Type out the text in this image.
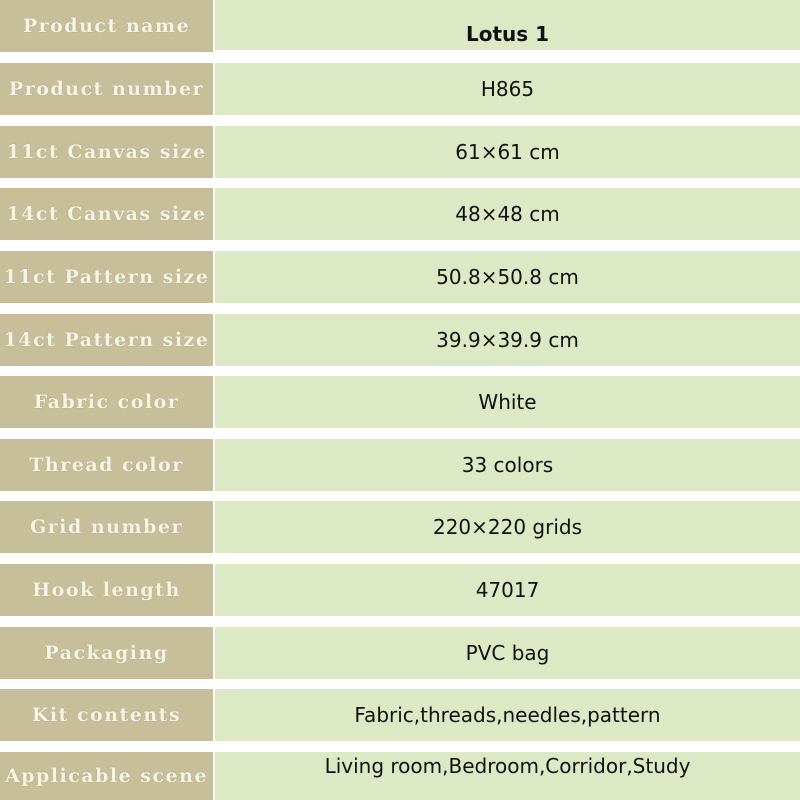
Product name	Lotus 1
Product number	H865
11ct Canvas size	61×61 cm
14ct Canvas size	48×48 cm
11ct Pattern size	50.8×50.8 cm
14ct Pattern size	39.9×39.9 cm
Fabric color	White
Thread color	33 colors
Grid number	220×220 grids
Hook length	47017
Packaging	PVC bag
Kit contents	Fabric,threads,needles,pattern
Applicable scene	Living room,Bedroom,Corridor,Study
